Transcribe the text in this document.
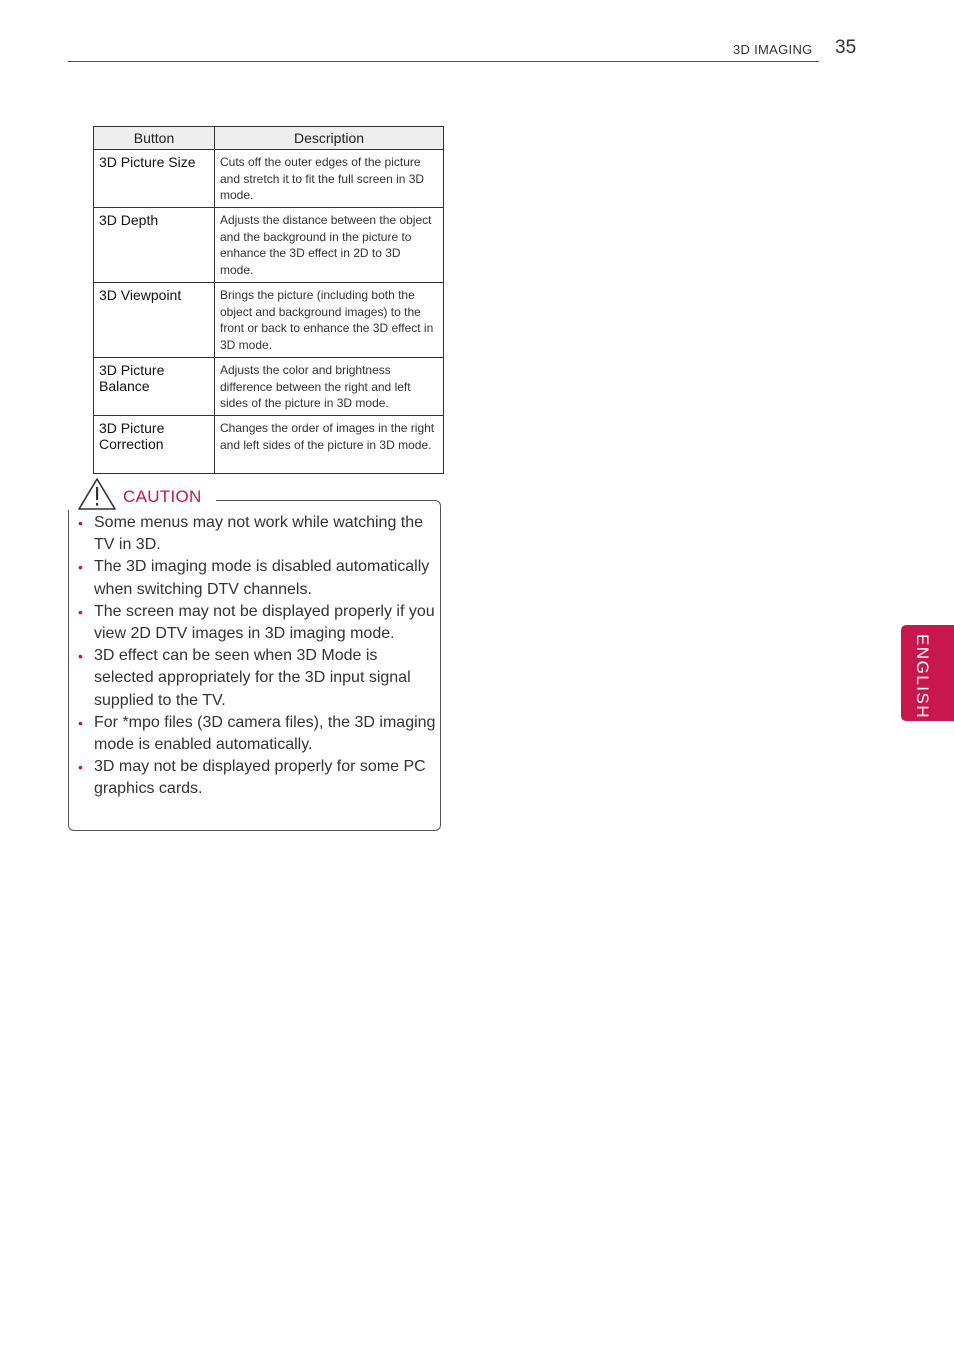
3D IMAGING 35
Button	Description
3D Picture Size	Cuts off the outer edges of the picture and stretch it to fit the full screen in 3D mode.
3D Depth	Adjusts the distance between the object and the background in the picture to enhance the 3D effect in 2D to 3D mode.
3D Viewpoint	Brings the picture (including both the object and background images) to the front or back to enhance the 3D effect in 3D mode.
3D Picture Balance	Adjusts the color and brightness difference between the right and left sides of the picture in 3D mode.
3D Picture Correction	Changes the order of images in the right and left sides of the picture in 3D mode.
CAUTION
• Some menus may not work while watching the TV in 3D.
• The 3D imaging mode is disabled automatically when switching DTV channels.
• The screen may not be displayed properly if you view 2D DTV images in 3D imaging mode.
• 3D effect can be seen when 3D Mode is selected appropriately for the 3D input signal supplied to the TV.
• For *mpo files (3D camera files), the 3D imaging mode is enabled automatically.
• 3D may not be displayed properly for some PC graphics cards.
ENGLISH
